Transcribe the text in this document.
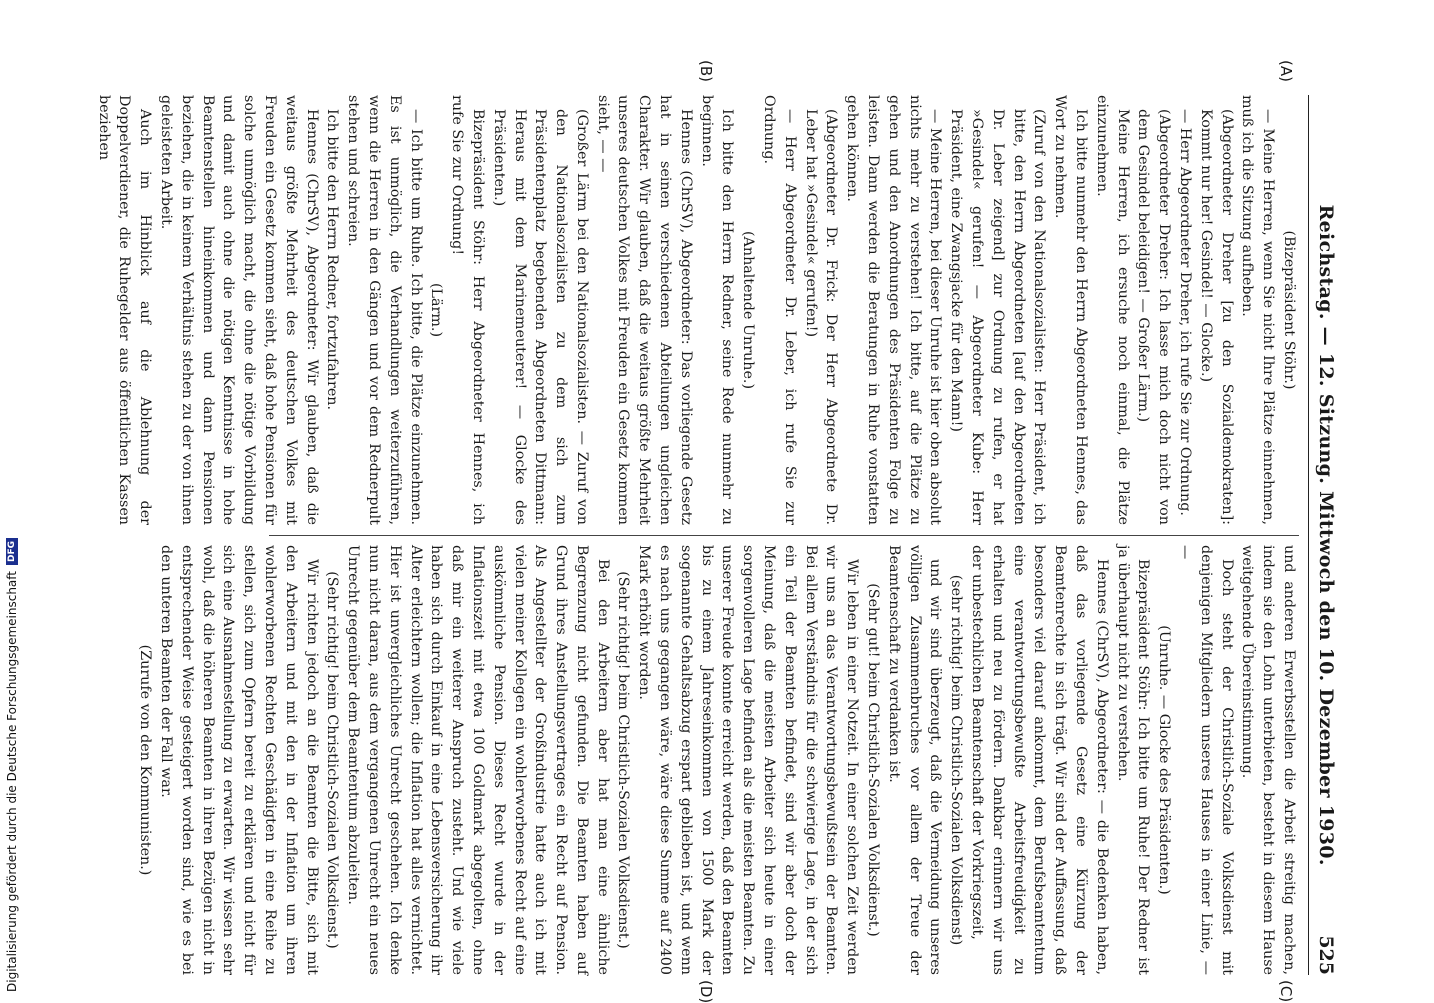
Reichstag. — 12. Sitzung. Mittwoch den 10. Dezember 1930.
525

(Bizepräsident Stöhr.)

— Meine Herren, wenn Sie nicht Ihre Plätze einnehmen, muß ich die Sitzung aufheben.

(Abgeordneter Dreher [zu den Sozialdemokraten]: Kommt nur her! Gesindel! — Glocke.)

— Herr Abgeordneter Dreher, ich rufe Sie zur Ordnung.

(Abgeordneter Dreher: Ich lasse mich doch nicht von dem Gesindel beleidigen! — Großer Lärm.)

Meine Herren, ich ersuche noch einmal, die Plätze einzunehmen.

Ich bitte nunmehr den Herrn Abgeordneten Hennes, das Wort zu nehmen.

(Zuruf von den Nationalsozialisten: Herr Präsident, ich bitte, den Herrn Abgeordneten [auf den Abgeordneten Dr. Leber zeigend] zur Ordnung zu rufen, er hat »Gesindel« gerufen! — Abgeordneter Kube: Herr Präsident, eine Zwangsjacke für den Mann!)

— Meine Herren, bei dieser Unruhe ist hier oben absolut nichts mehr zu verstehen! Ich bitte, auf die Plätze zu gehen und den Anordnungen des Präsidenten Folge zu leisten. Dann werden die Beratungen in Ruhe vonstatten gehen können.

(Abgeordneter Dr. Frick: Der Herr Abgeordnete Dr. Leber hat »Gesindel« gerufen!)

— Herr Abgeordneter Dr. Leber, ich rufe Sie zur Ordnung.

(Anhaltende Unruhe.)

Ich bitte den Herrn Redner, seine Rede nunmehr zu beginnen.

Hennes (ChrSV), Abgeordneter: Das vorliegende Gesetz hat in seinen verschiedenen Abteilungen ungleichen Charakter. Wir glauben, daß die weitaus größte Mehrheit unseres deutschen Volkes mit Freuden ein Gesetz kommen sieht, — —

(Großer Lärm bei den Nationalsozialisten. — Zuruf von den Nationalsozialisten zu dem sich zum Präsidentenplatz begebenden Abgeordneten Dittmann: Heraus mit dem Marinemeuterer! — Glocke des Präsidenten.)

Bizepräsident Stöhr: Herr Abgeordneter Hennes, ich rufe Sie zur Ordnung!

(Lärm.)

— Ich bitte um Ruhe. Ich bitte, die Plätze einzunehmen. Es ist unmöglich, die Verhandlungen weiterzuführen, wenn die Herren in den Gängen und vor dem Rednerpult stehen und schreien.

Ich bitte den Herrn Redner, fortzufahren.

Hennes (ChrSV), Abgeordneter: Wir glauben, daß die weitaus größte Mehrheit des deutschen Volkes mit Freuden ein Gesetz kommen sieht, daß hohe Pensionen für solche unmöglich macht, die ohne die nötige Vorbildung und damit auch ohne die nötigen Kenntnisse in hohe Beamtenstellen hineinkommen und dann Pensionen beziehen, die in keinem Verhältnis stehen zu der von ihnen geleisteten Arbeit.

Auch im Hinblick auf die Ablehnung der Doppelverdiener, die Ruhegelder aus öffentlichen Kassen beziehen

und anderen Erwerbsstellen die Arbeit streitig machen, indem sie den Lohn unterbieten, besteht in diesem Hause weitgehende Übereinstimmung.

Doch steht der Christlich-Soziale Volksdienst mit denjenigen Mitgliedern unseres Hauses in einer Linie, — —

(Unruhe. — Glocke des Präsidenten.)

Bizepräsident Stöhr: Ich bitte um Ruhe! Der Redner ist ja überhaupt nicht zu verstehen.

Hennes (ChrSV), Abgeordneter: — die Bedenken haben, daß das vorliegende Gesetz eine Kürzung der Beamtenrechte in sich trägt. Wir sind der Auffassung, daß besonders viel darauf ankommt, dem Berufsbeamtentum eine verantwortungsbewußte Arbeitsfreudigkeit zu erhalten und neu zu fördern. Dankbar erinnern wir uns der unbestechlichen Beamtenschaft der Vorkriegszeit,

(sehr richtig! beim Christlich-Sozialen Volksdienst)

und wir sind überzeugt, daß die Vermeidung unseres völligen Zusammenbruches vor allem der Treue der Beamtenschaft zu verdanken ist.

(Sehr gut! beim Christlich-Sozialen Volksdienst.)

Wir leben in einer Notzeit. In einer solchen Zeit werden wir uns an das Verantwortungsbewußtsein der Beamten. Bei allem Verständnis für die schwierige Lage, in der sich ein Teil der Beamten befindet, sind wir aber doch der Meinung, daß die meisten Arbeiter sich heute in einer sorgenvolleren Lage befinden als die meisten Beamten. Zu unserer Freude konnte erreicht werden, daß den Beamten bis zu einem Jahreseinkommen von 1500 Mark der sogenannte Gehaltsabzug erspart geblieben ist, und wenn es nach uns gegangen wäre, wäre diese Summe auf 2400 Mark erhöht worden.

(Sehr richtig! beim Christlich-Sozialen Volksdienst.)

Bei den Arbeitern aber hat man eine ähnliche Begrenzung nicht gefunden. Die Beamten haben auf Grund ihres Anstellungsvertrages ein Recht auf Pension. Als Angestellter der Großindustrie hatte auch ich mit vielen meiner Kollegen ein wohlerworbenes Recht auf eine auskömmliche Pension. Dieses Recht wurde in der Inflationszeit mit etwa 100 Goldmark abgegolten, ohne daß mir ein weiterer Anspruch zusteht. Und wie viele haben sich durch Einkauf in eine Lebensversicherung ihr Alter erleichtern wollen; die Inflation hat alles vernichtet. Hier ist unvergleichliches Unrecht geschehen. Ich denke nun nicht daran, aus dem vergangenen Unrecht ein neues Unrecht gegenüber dem Beamtentum abzuleiten.

(Sehr richtig! beim Christlich-Sozialen Volksdienst.)

Wir richten jedoch an die Beamten die Bitte, sich mit den Arbeitern und mit den in der Inflation um ihren wohlerworbenen Rechten Geschädigten in eine Reihe zu stellen, sich zum Opfern bereit zu erklären und nicht für sich eine Ausnahmestellung zu erwarten. Wir wissen sehr wohl, daß die höheren Beamten in ihren Bezügen nicht in entsprechender Weise gesteigert worden sind, wie es bei den unteren Beamten der Fall war.

(Zurufe von den Kommunisten.)

(A)
(B)
(C)
(D)
Digitalisierung gefördert durch die Deutsche Forschungsgemeinschaft
DFG
